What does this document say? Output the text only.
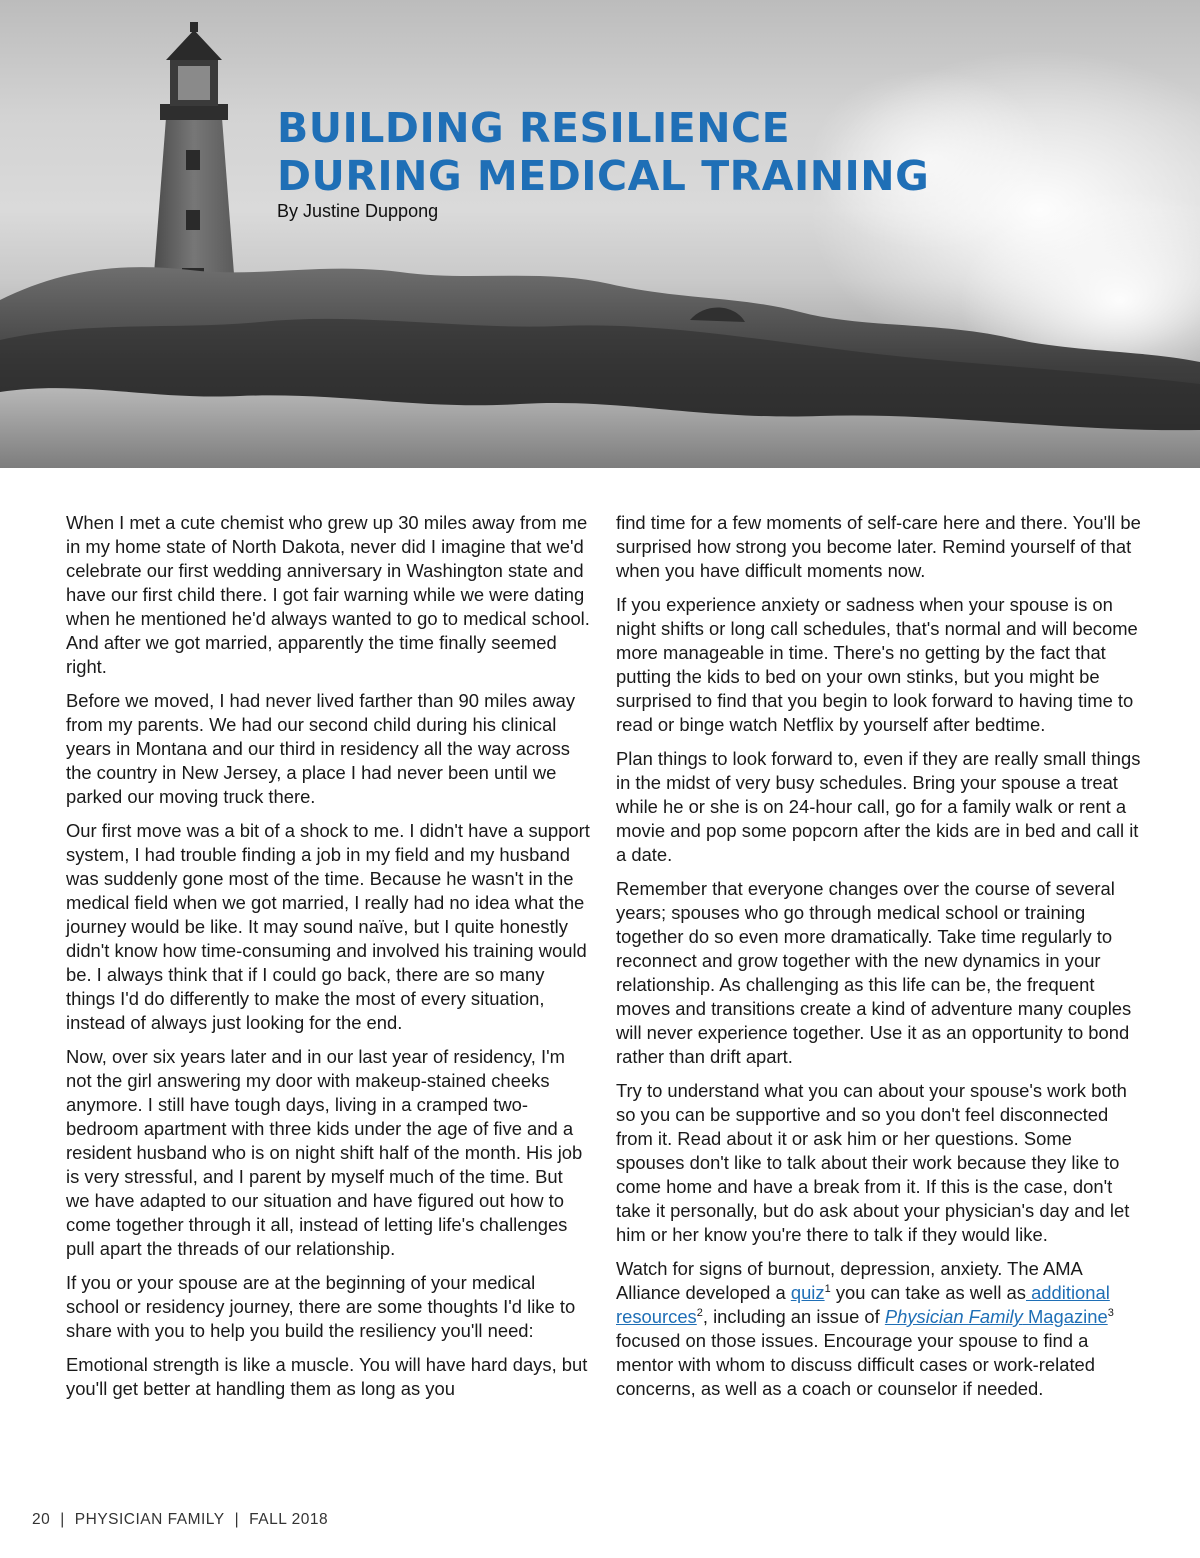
BUILDING RESILIENCE
DURING MEDICAL TRAINING
By Justine Duppong

When I met a cute chemist who grew up 30 miles away from me in my home state of North Dakota, never did I imagine that we'd celebrate our first wedding anniversary in Washington state and have our first child there. I got fair warning while we were dating when he mentioned he'd always wanted to go to medical school. And after we got married, apparently the time finally seemed right.

Before we moved, I had never lived farther than 90 miles away from my parents. We had our second child during his clinical years in Montana and our third in residency all the way across the country in New Jersey, a place I had never been until we parked our moving truck there.

Our first move was a bit of a shock to me. I didn't have a support system, I had trouble finding a job in my field and my husband was suddenly gone most of the time. Because he wasn't in the medical field when we got married, I really had no idea what the journey would be like. It may sound naïve, but I quite honestly didn't know how time-consuming and involved his training would be. I always think that if I could go back, there are so many things I'd do differently to make the most of every situation, instead of always just looking for the end.

Now, over six years later and in our last year of residency, I'm not the girl answering my door with makeup-stained cheeks anymore. I still have tough days, living in a cramped two-bedroom apartment with three kids under the age of five and a resident husband who is on night shift half of the month. His job is very stressful, and I parent by myself much of the time. But we have adapted to our situation and have figured out how to come together through it all, instead of letting life's challenges pull apart the threads of our relationship.

If you or your spouse are at the beginning of your medical school or residency journey, there are some thoughts I'd like to share with you to help you build the resiliency you'll need:

Emotional strength is like a muscle. You will have hard days, but you'll get better at handling them as long as you

find time for a few moments of self-care here and there. You'll be surprised how strong you become later. Remind yourself of that when you have difficult moments now.

If you experience anxiety or sadness when your spouse is on night shifts or long call schedules, that's normal and will become more manageable in time. There's no getting by the fact that putting the kids to bed on your own stinks, but you might be surprised to find that you begin to look forward to having time to read or binge watch Netflix by yourself after bedtime.

Plan things to look forward to, even if they are really small things in the midst of very busy schedules. Bring your spouse a treat while he or she is on 24-hour call, go for a family walk or rent a movie and pop some popcorn after the kids are in bed and call it a date.

Remember that everyone changes over the course of several years; spouses who go through medical school or training together do so even more dramatically. Take time regularly to reconnect and grow together with the new dynamics in your relationship. As challenging as this life can be, the frequent moves and transitions create a kind of adventure many couples will never experience together. Use it as an opportunity to bond rather than drift apart.

Try to understand what you can about your spouse's work both so you can be supportive and so you don't feel disconnected from it. Read about it or ask him or her questions. Some spouses don't like to talk about their work because they like to come home and have a break from it. If this is the case, don't take it personally, but do ask about your physician's day and let him or her know you're there to talk if they would like.

Watch for signs of burnout, depression, anxiety. The AMA Alliance developed a quiz$^1$ you can take as well as additional resources$^2$, including an issue of Physician Family Magazine$^3$ focused on those issues. Encourage your spouse to find a mentor with whom to discuss difficult cases or work-related concerns, as well as a coach or counselor if needed.

20 | PHYSICIAN FAMILY | FALL 2018
